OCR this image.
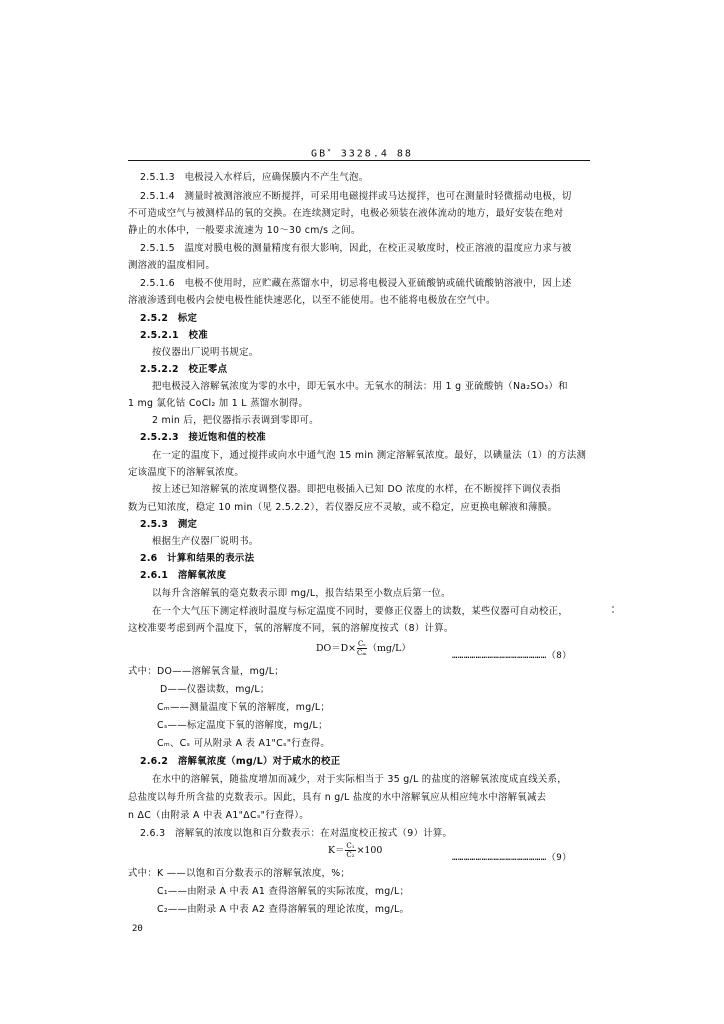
GB× 3328.4 88
2.5.1.3　电极浸入水样后，应确保膜内不产生气泡。
2.5.1.4　测量时被测溶液应不断搅拌，可采用电磁搅拌或马达搅拌，也可在测量时轻微摇动电极，切
不可造成空气与被测样品的氧的交换。在连续测定时，电极必须装在液体流动的地方，最好安装在绝对
静止的水体中，一般要求流速为 10～30 cm/s 之间。
2.5.1.5　温度对膜电极的测量精度有很大影响，因此，在校正灵敏度时，校正溶液的温度应力求与被
测溶液的温度相同。
2.5.1.6　电极不使用时，应贮藏在蒸馏水中，切忌将电极浸入亚硫酸钠或硫代硫酸钠溶液中，因上述
溶液渗透到电极内会使电极性能快速恶化，以至不能使用。也不能将电极放在空气中。
2.5.2　标定
2.5.2.1　校准
按仪器出厂说明书规定。
2.5.2.2　校正零点
把电极浸入溶解氧浓度为零的水中，即无氧水中。无氧水的制法：用 1 g 亚硫酸钠（Na₂SO₃）和
1 mg 氯化钴 CoCl₂ 加 1 L 蒸馏水制得。
2 min 后，把仪器指示表调到零即可。
2.5.2.3　接近饱和值的校准
在一定的温度下，通过搅拌或向水中通气泡 15 min 测定溶解氧浓度。最好，以碘量法（1）的方法测
定该温度下的溶解氧浓度。
按上述已知溶解氧的浓度调整仪器。即把电极插入已知 DO 浓度的水样，在不断搅拌下调仪表指
数为已知浓度，稳定 10 min（见 2.5.2.2），若仪器反应不灵敏，或不稳定，应更换电解液和薄膜。
2.5.3　测定
根据生产仪器厂说明书。
2.6　计算和结果的表示法
2.6.1　溶解氧浓度
以每升含溶解氧的毫克数表示即 mg/L，报告结果至小数点后第一位。
在一个大气压下测定样液时温度与标定温度不同时，要修正仪器上的读数，某些仪器可自动校正，
这校准要考虑到两个温度下，氧的溶解度不同，氧的溶解度按式（8）计算。
$DO=D\times \frac{\text{Cₛ}}{\text{Cₘ}} (mg/L)$
…………………………………………（8）
式中：DO——溶解氧含量，mg/L；
D——仪器读数，mg/L；
Cₘ——测量温度下氧的溶解度，mg/L；
Cₛ——标定温度下氧的溶解度，mg/L；
Cₘ、Cₛ 可从附录 A 表 A1"Cₛ"行查得。
2.6.2　溶解氧浓度（mg/L）对于咸水的校正
在水中的溶解氧，随盐度增加而减少，对于实际相当于 35 g/L 的盐度的溶解氧浓度成直线关系，
总盐度以每升所含盐的克数表示。因此，具有 n g/L 盐度的水中溶解氧应从相应纯水中溶解氧减去
n ΔC（由附录 A 中表 A1"ΔCₛ"行查得）。
2.6.3　溶解氧的浓度以饱和百分数表示：在对温度校正按式（9）计算。
$K= \frac{\text{C₁}}{\text{C₂}} \times 100$
…………………………………………（9）
式中：K ——以饱和百分数表示的溶解氧浓度，%；
C₁——由附录 A 中表 A1 查得溶解氧的实际浓度，mg/L；
C₂——由附录 A 中表 A2 查得溶解氧的理论浓度，mg/L。
20
